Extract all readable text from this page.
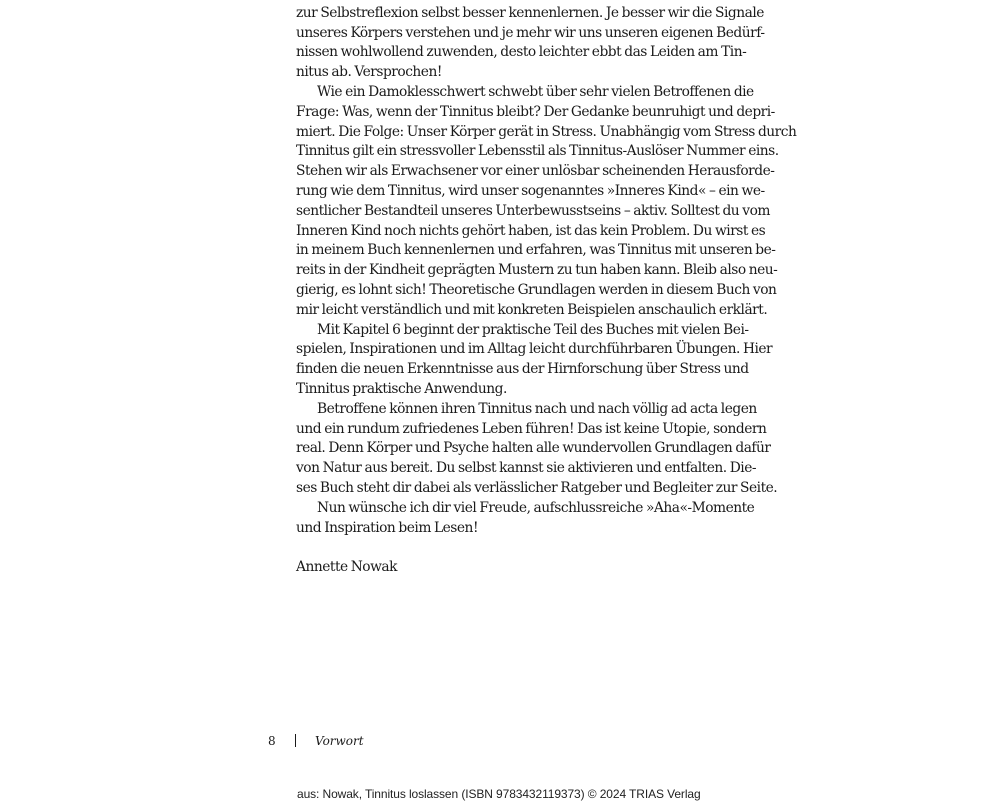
zur Selbstreflexion selbst besser kennenlernen. Je besser wir die Signale
unseres Körpers verstehen und je mehr wir uns unseren eigenen Bedürf-
nissen wohlwollend zuwenden, desto leichter ebbt das Leiden am Tin-
nitus ab. Versprochen!
Wie ein Damoklesschwert schwebt über sehr vielen Betroffenen die
Frage: Was, wenn der Tinnitus bleibt? Der Gedanke beunruhigt und depri-
miert. Die Folge: Unser Körper gerät in Stress. Unabhängig vom Stress durch
Tinnitus gilt ein stressvoller Lebensstil als Tinnitus-Auslöser Nummer eins.
Stehen wir als Erwachsener vor einer unlösbar scheinenden Herausforde-
rung wie dem Tinnitus, wird unser sogenanntes »Inneres Kind« – ein we-
sentlicher Bestandteil unseres Unterbewusstseins – aktiv. Solltest du vom
Inneren Kind noch nichts gehört haben, ist das kein Problem. Du wirst es
in meinem Buch kennenlernen und erfahren, was Tinnitus mit unseren be-
reits in der Kindheit geprägten Mustern zu tun haben kann. Bleib also neu-
gierig, es lohnt sich! Theoretische Grundlagen werden in diesem Buch von
mir leicht verständlich und mit konkreten Beispielen anschaulich erklärt.
Mit Kapitel 6 beginnt der praktische Teil des Buches mit vielen Bei-
spielen, Inspirationen und im Alltag leicht durchführbaren Übungen. Hier
finden die neuen Erkenntnisse aus der Hirnforschung über Stress und
Tinnitus praktische Anwendung.
Betroffene können ihren Tinnitus nach und nach völlig ad acta legen
und ein rundum zufriedenes Leben führen! Das ist keine Utopie, sondern
real. Denn Körper und Psyche halten alle wundervollen Grundlagen dafür
von Natur aus bereit. Du selbst kannst sie aktivieren und entfalten. Die-
ses Buch steht dir dabei als verlässlicher Ratgeber und Begleiter zur Seite.
Nun wünsche ich dir viel Freude, aufschlussreiche »Aha«-Momente
und Inspiration beim Lesen!
Annette Nowak
8	Vorwort
aus: Nowak, Tinnitus loslassen (ISBN 9783432119373) © 2024 TRIAS Verlag
